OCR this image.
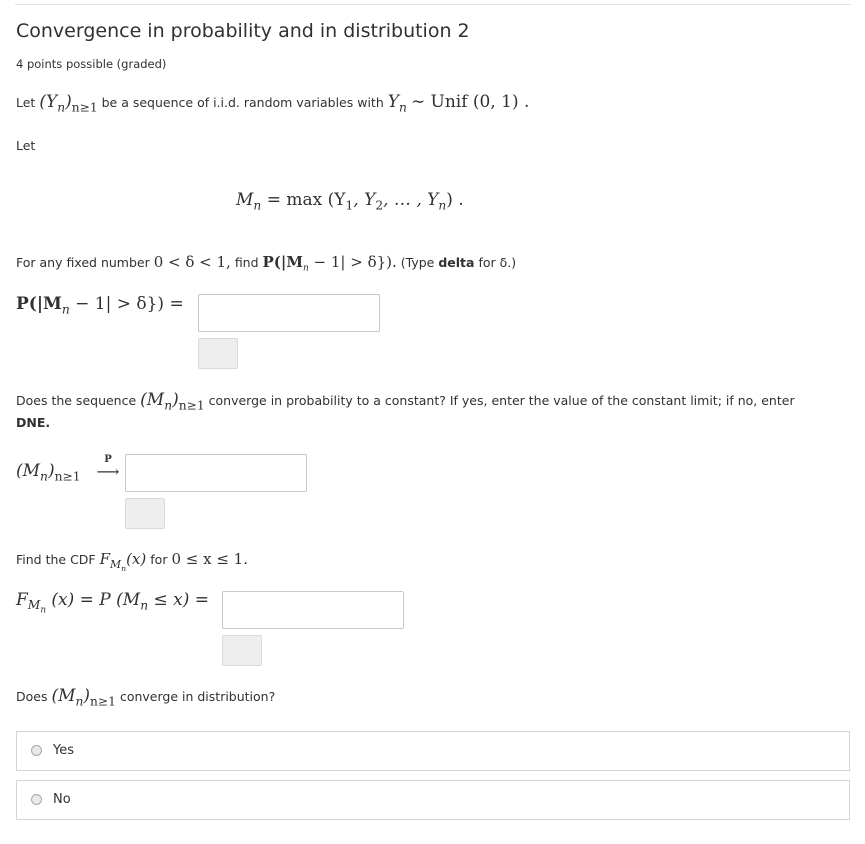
Convergence in probability and in distribution 2
4 points possible (graded)
Let $(Y_n)_{n\ge 1}$ be a sequence of i.i.d. random variables with $Y_n$ ∼ Unif (0, 1) .
Let
$M_n = \max (Y_1$, $Y_2$, … , $Y_n$) .
For any fixed number 0 < δ < 1, find $P(|M_n - 1| > \delta\}$). (Type delta for δ.)
$P(|M_n - 1| > \delta\}$) =
Does the sequence $(M_n)_{n\ge 1}$ converge in probability to a constant? If yes, enter the value of the constant limit; if no, enter
DNE.
$(M_n)_{n\ge 1}$
P
⟶
Find the CDF $F_{M_n}(x)$ for 0 ≤ x ≤ 1.
$F_{M_n}$ (x) = P $(M_n \le x)$ =
Does $(M_n)_{n\ge 1}$ converge in distribution?
Yes
No
